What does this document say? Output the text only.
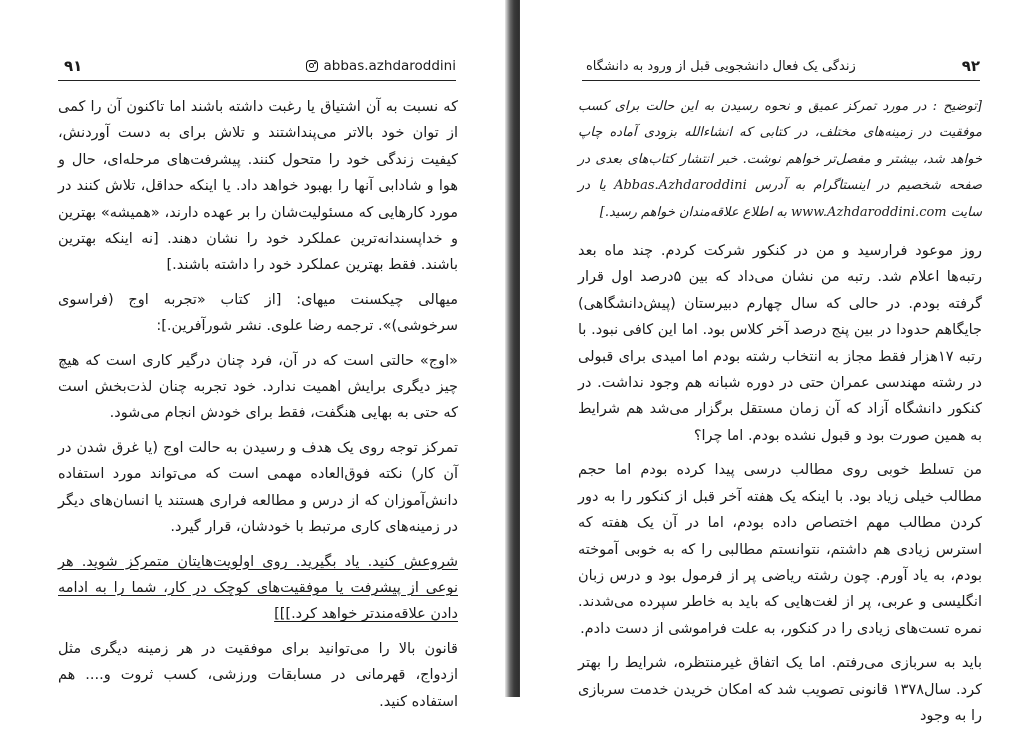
۹۱	abbas.azhdaroddini

که نسبت به آن اشتیاق یا رغبت داشته باشند اما تاکنون آن را کمی از توان خود بالاتر می‌پنداشتند و تلاش برای به دست آوردنش، کیفیت زندگی خود را متحول کنند. پیشرفت‌های مرحله‌ای، حال و هوا و شادابی آنها را بهبود خواهد داد. یا اینکه حداقل، تلاش کنند در مورد کارهایی که مسئولیت‌شان را بر عهده دارند، «همیشه» بهترین و خداپسندانه‌ترین عملکرد خود را نشان دهند. [نه اینکه بهترین باشند. فقط بهترین عملکرد خود را داشته باشند.]

میهالی چیکسنت میهای: [از کتاب «تجربه اوج (فراسوی سرخوشی)». ترجمه رضا علوی. نشر شورآفرین.]:

«اوج» حالتی است که در آن، فرد چنان درگیر کاری است که هیچ چیز دیگری برایش اهمیت ندارد. خود تجربه چنان لذت‌بخش است که حتی به بهایی هنگفت، فقط برای خودش انجام می‌شود.

تمرکز توجه روی یک هدف و رسیدن به حالت اوج (یا غرق شدن در آن کار) نکته فوق‌العاده مهمی است که می‌تواند مورد استفاده دانش‌آموزان که از درس و مطالعه فراری هستند یا انسان‌های دیگر در زمینه‌های کاری مرتبط با خودشان، قرار گیرد.

شروعش کنید. یاد بگیرید. روی اولویت‌هایتان متمرکز شوید. هر نوعی از پیشرفت یا موفقیت‌های کوچک در کار، شما را به ادامه دادن علاقه‌مندتر خواهد کرد.]]]

قانون بالا را می‌توانید برای موفقیت در هر زمینه دیگری مثل ازدواج، قهرمانی در مسابقات ورزشی، کسب ثروت و.... هم استفاده کنید.

۹۲
زندگی یک فعال دانشجویی قبل از ورود به دانشگاه

[توضیح : در مورد تمرکز عمیق و نحوه رسیدن به این حالت برای کسب موفقیت در زمینه‌های مختلف، در کتابی که انشاءالله بزودی آماده چاپ خواهد شد، بیشتر و مفصل‌تر خواهم نوشت. خبر انتشار کتاب‌های بعدی در صفحه شخصیم در اینستاگرام به آدرس Abbas.Azhdaroddini یا در سایت www.Azhdaroddini.com به اطلاع علاقه‌مندان خواهم رسید.]

روز موعود فرارسید و من در کنکور شرکت کردم. چند ماه بعد رتبه‌ها اعلام شد. رتبه من نشان می‌داد که بین ۵درصد اول قرار گرفته بودم. در حالی که سال چهارم دبیرستان (پیش‌دانشگاهی) جایگاهم حدودا در بین پنج درصد آخر کلاس بود. اما این کافی نبود. با رتبه ۱۷هزار فقط مجاز به انتخاب رشته بودم اما امیدی برای قبولی در رشته مهندسی عمران حتی در دوره شبانه هم وجود نداشت. در کنکور دانشگاه آزاد که آن زمان مستقل برگزار می‌شد هم شرایط به همین صورت بود و قبول نشده بودم. اما چرا؟

من تسلط خوبی روی مطالب درسی پیدا کرده بودم اما حجم مطالب خیلی زیاد بود. با اینکه یک هفته آخر قبل از کنکور را به دور کردن مطالب مهم اختصاص داده بودم، اما در آن یک هفته که استرس زیادی هم داشتم، نتوانستم مطالبی را که به خوبی آموخته بودم، به یاد آورم. چون رشته ریاضی پر از فرمول بود و درس زبان انگلیسی و عربی، پر از لغت‌هایی که باید به خاطر سپرده می‌شدند. نمره تست‌های زیادی را در کنکور، به علت فراموشی از دست دادم.

باید به سربازی می‌رفتم. اما یک اتفاق غیرمنتظره، شرایط را بهتر کرد. سال۱۳۷۸ قانونی تصویب شد که امکان خریدن خدمت سربازی را به وجود
